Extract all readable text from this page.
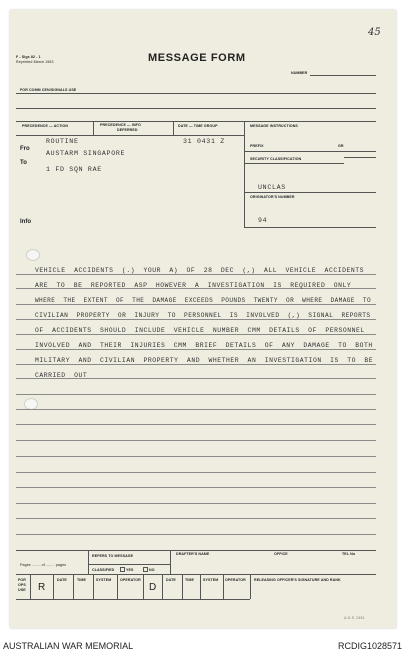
45
F - Sigs 82 - 1
Reprinted March 1963	MESSAGE FORM
NUMBER
FOR COMM CEN/SIGNALS USE
PRECEDENCE — ACTION	PRECEDENCE — INFO
DEFERRED
DATE — TIME GROUP	MESSAGE INSTRUCTIONS
ROUTINE	31 0431 Z
Fro
AUSTARM SINGAPORE
To
1 FD SQN RAE
Info
PREFIX	GR
SECURITY CLASSIFICATION
UNCLAS
ORIGINATOR'S NUMBER
94
VEHICLE ACCIDENTS (.) YOUR A) OF 28 DEC (,) ALL VEHICLE ACCIDENTS
ARE TO BE REPORTED ASP HOWEVER A INVESTIGATION IS REQUIRED ONLY
WHERE THE EXTENT OF THE DAMAGE EXCEEDS POUNDS TWENTY OR WHERE DAMAGE TO
CIVILIAN PROPERTY OR INJURY TO PERSONNEL IS INVOLVED (,) SIGNAL REPORTS
OF ACCIDENTS SHOULD INCLUDE VEHICLE NUMBER CMM DETAILS OF PERSONNEL
INVOLVED AND THEIR INJURIES CMM BRIEF DETAILS OF ANY DAMAGE TO BOTH
MILITARY AND CIVILIAN PROPERTY AND WHETHER AN INVESTIGATION IS TO BE
CARRIED OUT
Pages ........ of ........ pages
REFERS TO MESSAGE
CLASSIFIED	YES	NO
DRAFTER'S NAME	OFFICE	TEL No
FOR OPS USE	R
DATE	TIME	SYSTEM OPERATOR
D
DATE	TIME	SYSTEM OPERATOR RELEASING OFFICER'S SIGNATURE AND RANK
A.G.S. 2451
AUSTRALIAN WAR MEMORIAL	RCDIG1028571
